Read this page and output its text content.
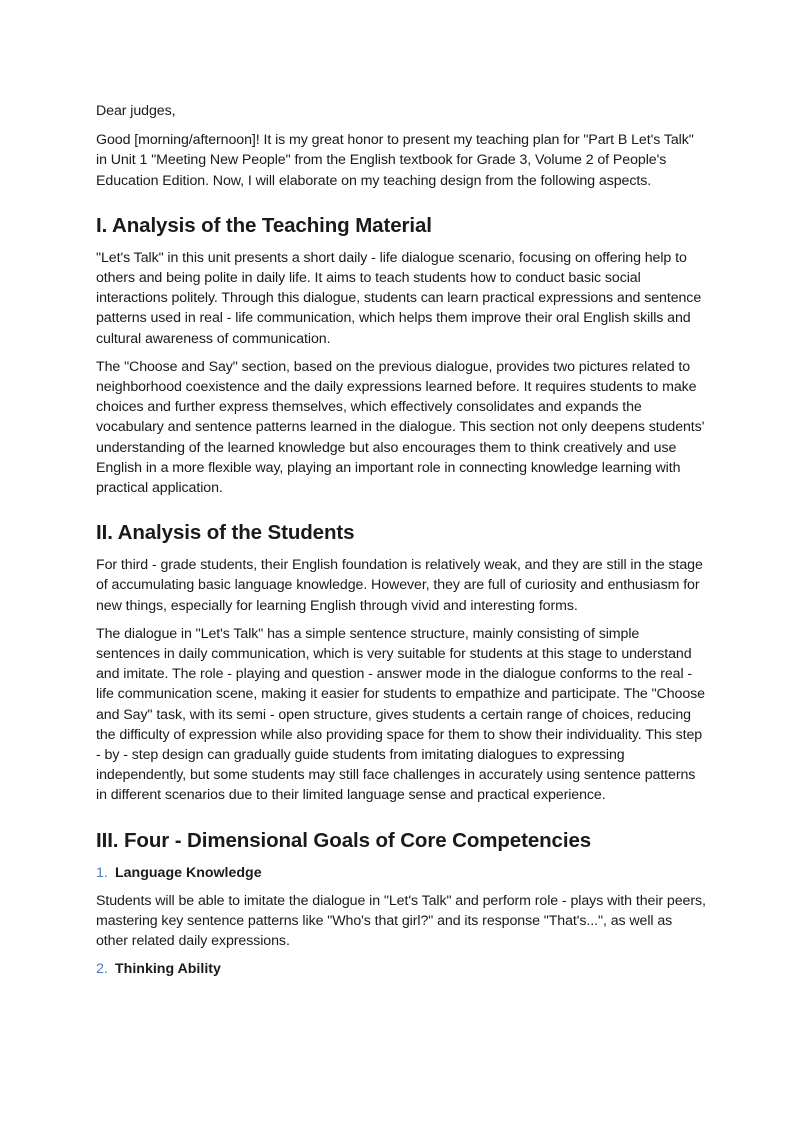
Dear judges,

Good [morning/afternoon]! It is my great honor to present my teaching plan for "Part B Let's Talk" in Unit 1 "Meeting New People" from the English textbook for Grade 3, Volume 2 of People's Education Edition. Now, I will elaborate on my teaching design from the following aspects.

I. Analysis of the Teaching Material

"Let's Talk" in this unit presents a short daily - life dialogue scenario, focusing on offering help to others and being polite in daily life. It aims to teach students how to conduct basic social interactions politely. Through this dialogue, students can learn practical expressions and sentence patterns used in real - life communication, which helps them improve their oral English skills and cultural awareness of communication.

The "Choose and Say" section, based on the previous dialogue, provides two pictures related to neighborhood coexistence and the daily expressions learned before. It requires students to make choices and further express themselves, which effectively consolidates and expands the vocabulary and sentence patterns learned in the dialogue. This section not only deepens students' understanding of the learned knowledge but also encourages them to think creatively and use English in a more flexible way, playing an important role in connecting knowledge learning with practical application.

II. Analysis of the Students

For third - grade students, their English foundation is relatively weak, and they are still in the stage of accumulating basic language knowledge. However, they are full of curiosity and enthusiasm for new things, especially for learning English through vivid and interesting forms.

The dialogue in "Let's Talk" has a simple sentence structure, mainly consisting of simple sentences in daily communication, which is very suitable for students at this stage to understand and imitate. The role - playing and question - answer mode in the dialogue conforms to the real - life communication scene, making it easier for students to empathize and participate. The "Choose and Say" task, with its semi - open structure, gives students a certain range of choices, reducing the difficulty of expression while also providing space for them to show their individuality. This step - by - step design can gradually guide students from imitating dialogues to expressing independently, but some students may still face challenges in accurately using sentence patterns in different scenarios due to their limited language sense and practical experience.

III. Four - Dimensional Goals of Core Competencies
1. Language Knowledge

Students will be able to imitate the dialogue in "Let's Talk" and perform role - plays with their peers, mastering key sentence patterns like "Who's that girl?" and its response "That's...", as well as other related daily expressions.

2. Thinking Ability
